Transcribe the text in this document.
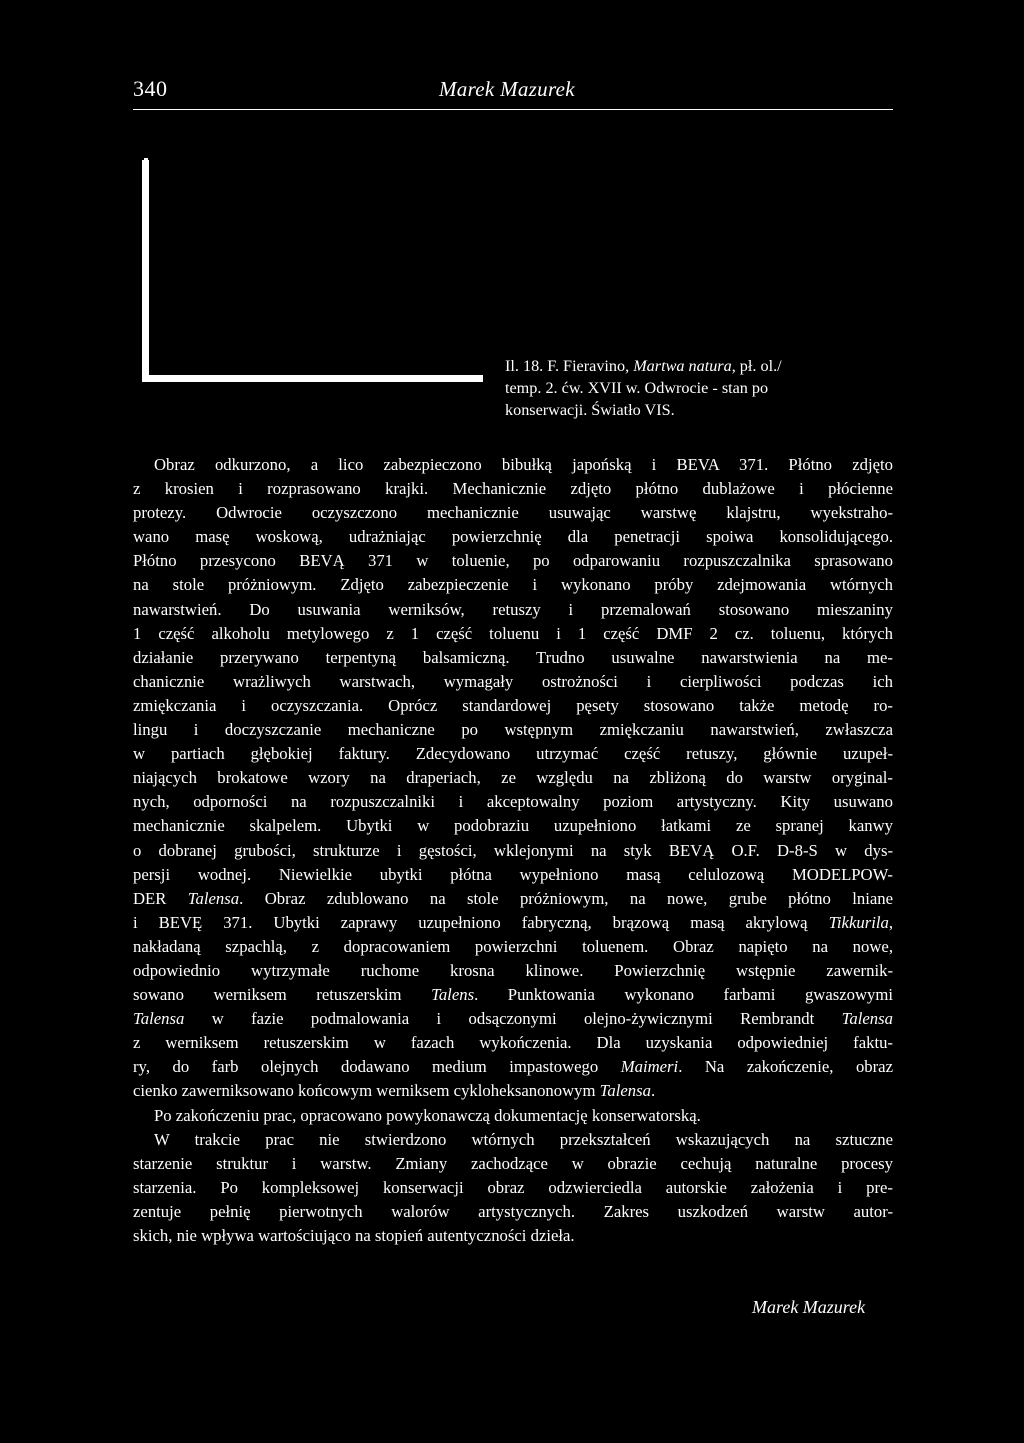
340	Marek Mazurek

Il. 18. F. Fieravino, Martwa natura, pł. ol./

temp. 2. ćw. XVII w. Odwrocie - stan po

konserwacji. Światło VIS.

Obraz odkurzono, a lico zabezpieczono bibułką japońską i BEVA 371. Płótno zdjęto
z krosien i rozprasowano krajki. Mechanicznie zdjęto płótno dublażowe i płócienne
protezy. Odwrocie oczyszczono mechanicznie usuwając warstwę klajstru, wyekstraho-
wano masę woskową, udrażniając powierzchnię dla penetracji spoiwa konsolidującego.
Płótno przesycono BEVĄ 371 w toluenie, po odparowaniu rozpuszczalnika sprasowano
na stole próżniowym. Zdjęto zabezpieczenie i wykonano próby zdejmowania wtórnych
nawarstwień. Do usuwania werniksów, retuszy i przemalowań stosowano mieszaniny
1 część alkoholu metylowego z 1 część toluenu i 1 część DMF 2 cz. toluenu, których
działanie przerywano terpentyną balsamiczną. Trudno usuwalne nawarstwienia na me-
chanicznie wrażliwych warstwach, wymagały ostrożności i cierpliwości podczas ich
zmiękczania i oczyszczania. Oprócz standardowej pęsety stosowano także metodę ro-
lingu i doczyszczanie mechaniczne po wstępnym zmiękczaniu nawarstwień, zwłaszcza
w partiach głębokiej faktury. Zdecydowano utrzymać część retuszy, głównie uzupeł-
niających brokatowe wzory na draperiach, ze względu na zbliżoną do warstw oryginal-
nych, odporności na rozpuszczalniki i akceptowalny poziom artystyczny. Kity usuwano
mechanicznie skalpelem. Ubytki w podobraziu uzupełniono łatkami ze spranej kanwy
o dobranej grubości, strukturze i gęstości, wklejonymi na styk BEVĄ O.F. D-8-S w dys-
persji wodnej. Niewielkie ubytki płótna wypełniono masą celulozową MODELPOW-
DER Talensa. Obraz zdublowano na stole próżniowym, na nowe, grube płótno lniane
i BEVĘ 371. Ubytki zaprawy uzupełniono fabryczną, brązową masą akrylową Tikkurila,
nakładaną szpachlą, z dopracowaniem powierzchni toluenem. Obraz napięto na nowe,
odpowiednio wytrzymałe ruchome krosna klinowe. Powierzchnię wstępnie zawernik-
sowano werniksem retuszerskim Talens. Punktowania wykonano farbami gwaszowymi
Talensa w fazie podmalowania i odsączonymi olejno-żywicznymi Rembrandt Talensa
z werniksem retuszerskim w fazach wykończenia. Dla uzyskania odpowiedniej faktu-
ry, do farb olejnych dodawano medium impastowego Maimeri. Na zakończenie, obraz
cienko zawerniksowano końcowym werniksem cykloheksanonowym Talensa.
Po zakończeniu prac, opracowano powykonawczą dokumentację konserwatorską.
W trakcie prac nie stwierdzono wtórnych przekształceń wskazujących na sztuczne
starzenie struktur i warstw. Zmiany zachodzące w obrazie cechują naturalne procesy
starzenia. Po kompleksowej konserwacji obraz odzwierciedla autorskie założenia i pre-
zentuje pełnię pierwotnych walorów artystycznych. Zakres uszkodzeń warstw autor-
skich, nie wpływa wartościująco na stopień autentyczności dzieła.
Marek Mazurek
